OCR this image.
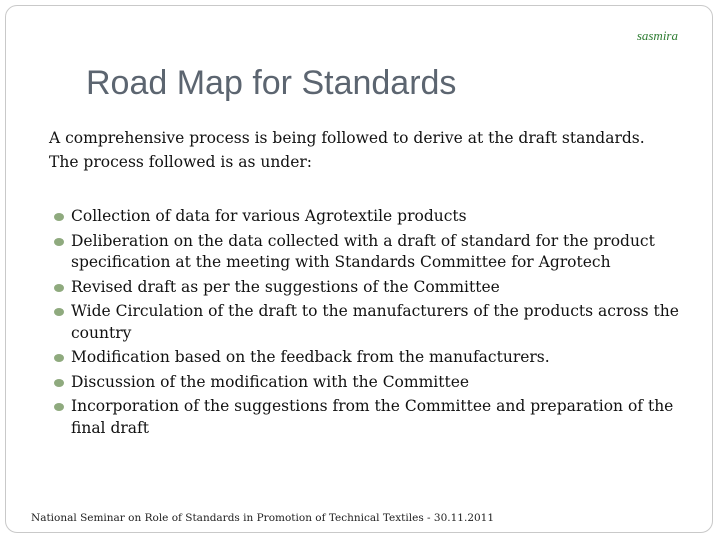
sasmira
Road Map for Standards

A comprehensive process is being followed to derive at the draft standards.

The process followed is as under:

Collection of data for various Agrotextile products
Deliberation on the data collected with a draft of standard for the product specification at the meeting with Standards Committee for Agrotech
Revised draft as per the suggestions of the Committee
Wide Circulation of the draft to the manufacturers of the products across the country
Modification based on the feedback from the manufacturers.
Discussion of the modification with the Committee
Incorporation of the suggestions from the Committee and preparation of the final draft
National Seminar on Role of Standards in Promotion of Technical Textiles - 30.11.2011
